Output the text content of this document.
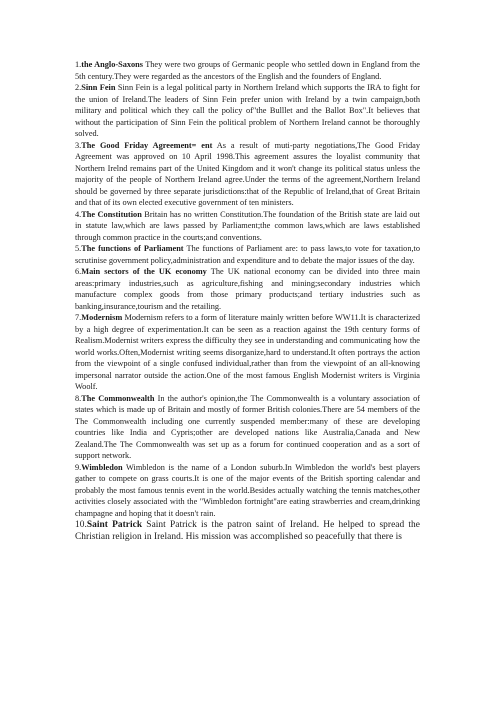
1.the Anglo-Saxons They were two groups of Germanic people who settled down in England from the 5th century.They were regarded as the ancestors of the English and the founders of England.

2.Sinn Fein Sinn Fein is a legal political party in Northern Ireland which supports the IRA to fight for the union of Ireland.The leaders of Sinn Fein prefer union with Ireland by a twin campaign,both military and political which they call the policy of"the Bulllet and the Ballot Box".It believes that without the participation of Sinn Fein the political problem of Northern Ireland cannot be thoroughly solved.

3.The Good Friday Agreement= ent As a result of muti-party negotiations,The Good Friday Agreement was approved on 10 April 1998.This agreement assures the loyalist community that Northern Irelnd remains part of the United Kingdom and it won't change its political status unless the majority of the people of Northern Ireland agree.Under the terms of the agreement,Northern Ireland should be governed by three separate jurisdictions:that of the Republic of Ireland,that of Great Britain and that of its own elected executive government of ten ministers.

4.The Constitution Britain has no written Constitution.The foundation of the British state are laid out in statute law,which are laws passed by Parliament;the common laws,which are laws established through common practice in the courts;and conventions.

5.The functions of Parliament The functions of Parliament are: to pass laws,to vote for taxation,to scrutinise government policy,administration and expenditure and to debate the major issues of the day.

6.Main sectors of the UK economy The UK national economy can be divided into three main areas:primary industries,such as agriculture,fishing and mining;secondary industries which manufacture complex goods from those primary products;and tertiary industries such as banking,insurance,tourism and the retailing.

7.Modernism Modernism refers to a form of literature mainly written before WW11.It is characterized by a high degree of experimentation.It can be seen as a reaction against the 19th century forms of Realism.Modernist writers express the difficulty they see in understanding and communicating how the world works.Often,Modernist writing seems disorganize,hard to understand.It often portrays the action from the viewpoint of a single confused individual,rather than from the viewpoint of an all-knowing impersonal narrator outside the action.One of the most famous English Modernist writers is Virginia Woolf.

8.The Commonwealth In the author's opinion,the The Commonwealth is a voluntary association of states which is made up of Britain and mostly of former British colonies.There are 54 members of the The Commonwealth including one currently suspended member:many of these are developing countries like India and Cypris;other are developed nations like Australia,Canada and New Zealand.The The Commonwealth was set up as a forum for continued cooperation and as a sort of support network.

9.Wimbledon Wimbledon is the name of a London suburb.In Wimbledon the world's best players gather to compete on grass courts.It is one of the major events of the British sporting calendar and probably the most famous tennis event in the world.Besides actually watching the tennis matches,other activities closely associated with the "Wimbledon fortnight"are eating strawberries and cream,drinking champagne and hoping that it doesn't rain.

10.Saint Patrick Saint Patrick is the patron saint of Ireland. He helped to spread the Christian religion in Ireland. His mission was accomplished so peacefully that there is
